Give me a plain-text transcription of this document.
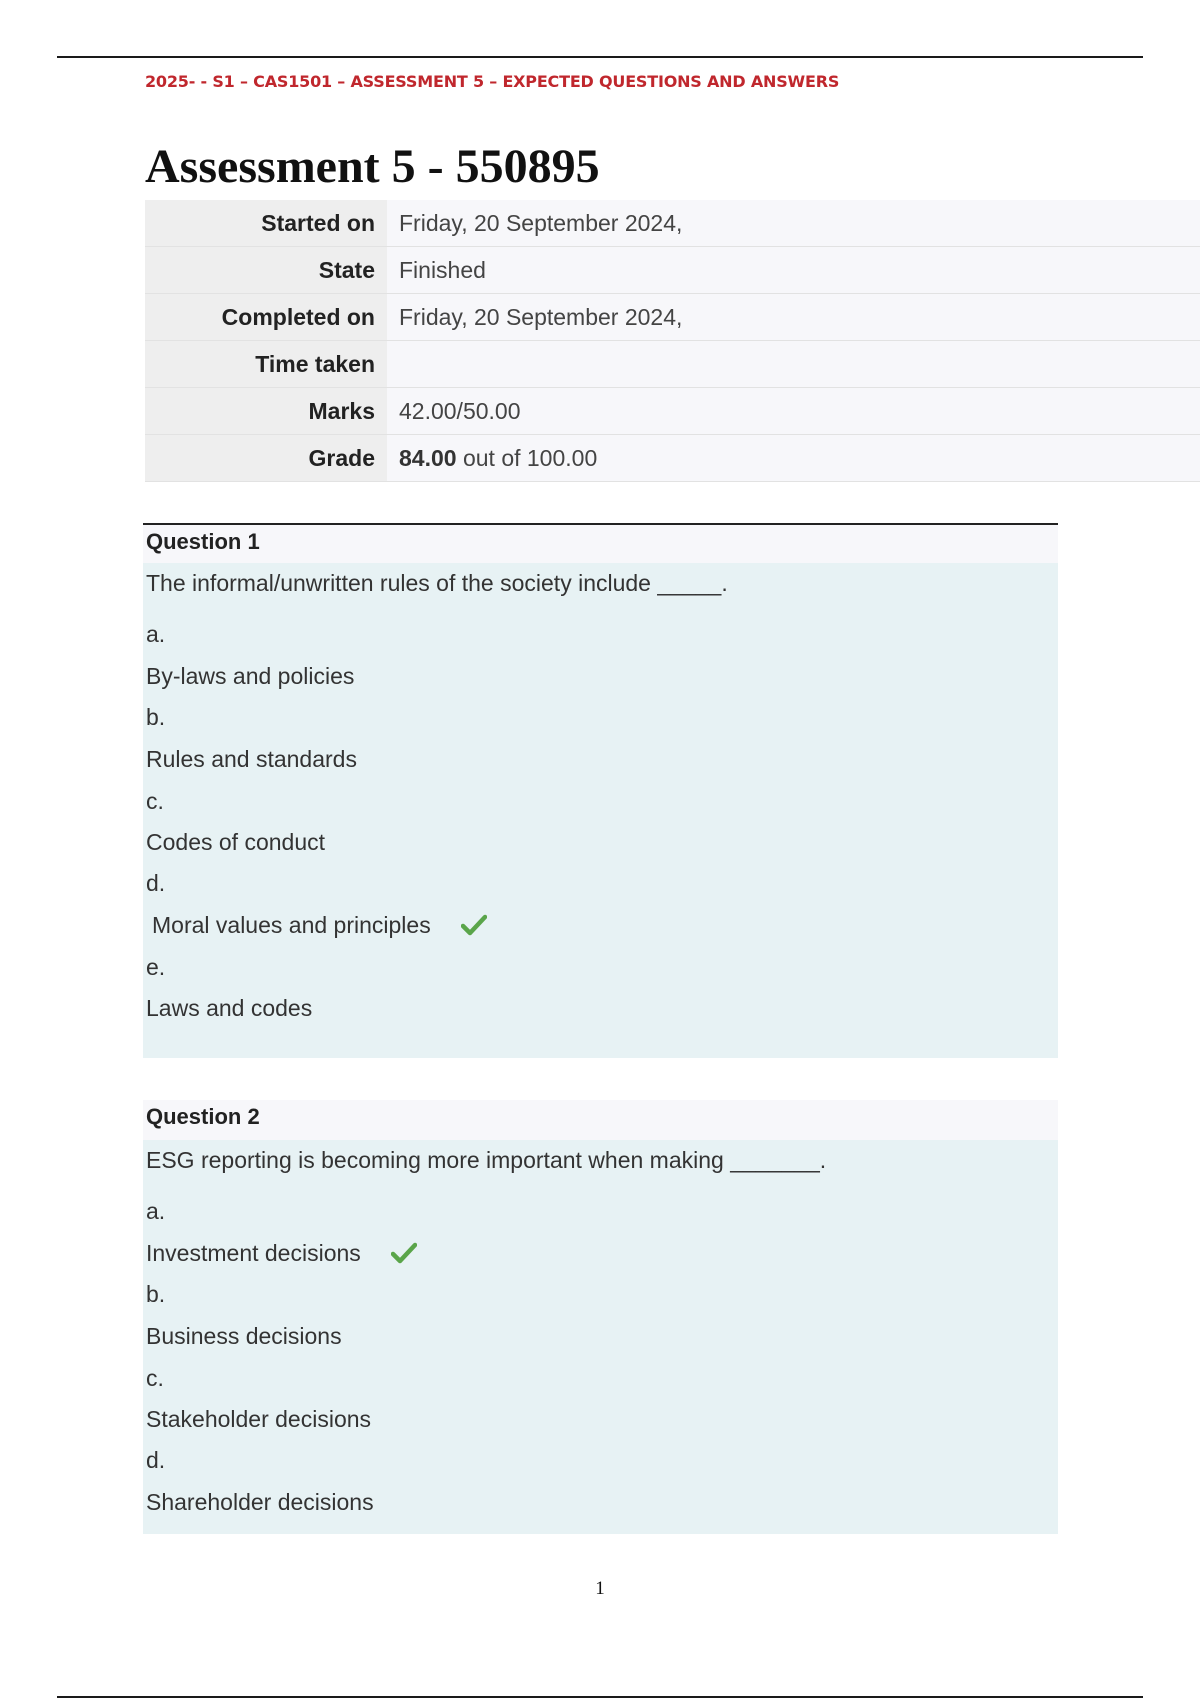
2025- - S1 – CAS1501 – ASSESSMENT 5 – EXPECTED QUESTIONS AND ANSWERS
Assessment 5 - 550895
Started on	Friday, 20 September 2024,
State	Finished
Completed on	Friday, 20 September 2024,
Time taken	
Marks	42.00/50.00
Grade	84.00 out of 100.00
Question 1
The informal/unwritten rules of the society include _____.
a.
By-laws and policies
b.
Rules and standards
c.
Codes of conduct
d.
Moral values and principles
e.
Laws and codes
Question 2
ESG reporting is becoming more important when making _______.
a.
Investment decisions
b.
Business decisions
c.
Stakeholder decisions
d.
Shareholder decisions
1
